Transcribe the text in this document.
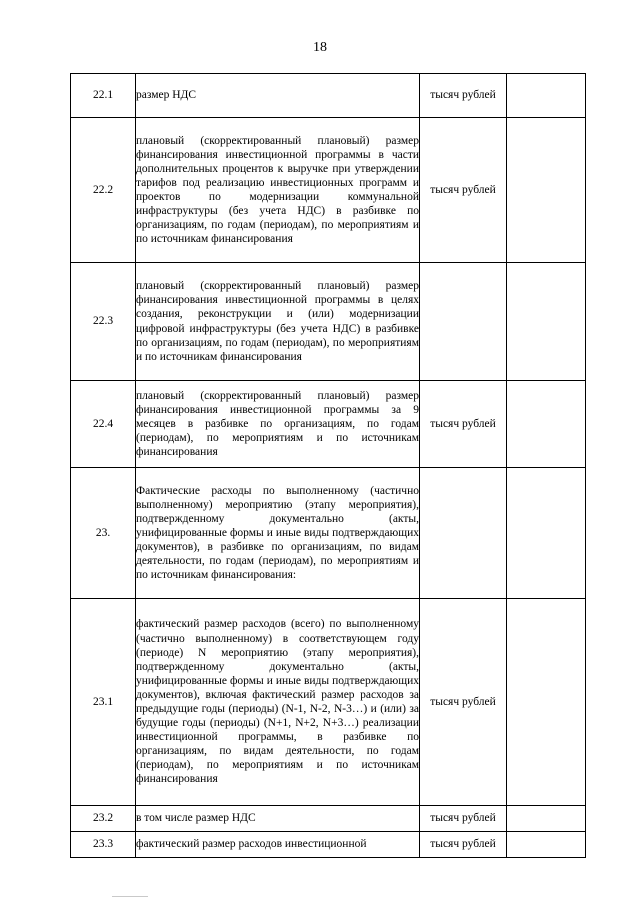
18
22.1	размер НДС	тысяч рублей	
22.2	плановый (скорректированный плановый) размер финансирования инвестиционной программы в части дополнительных процентов к выручке при утверждении тарифов под реализацию инвестиционных программ и проектов по модернизации коммунальной инфраструктуры (без учета НДС) в разбивке по организациям, по годам (периодам), по мероприятиям и по источникам финансирования	тысяч рублей	
22.3	плановый (скорректированный плановый) размер финансирования инвестиционной программы в целях создания, реконструкции и (или) модернизации цифровой инфраструктуры (без учета НДС) в разбивке по организациям, по годам (периодам), по мероприятиям и по источникам финансирования		
22.4	плановый (скорректированный плановый) размер финансирования инвестиционной программы за 9 месяцев в разбивке по организациям, по годам (периодам), по мероприятиям и по источникам финансирования	тысяч рублей	
23.	Фактические расходы по выполненному (частично выполненному) мероприятию (этапу мероприятия), подтвержденному документально (акты, унифицированные формы и иные виды подтверждающих документов), в разбивке по организациям, по видам деятельности, по годам (периодам), по мероприятиям и по источникам финансирования:		
23.1	фактический размер расходов (всего) по выполненному (частично выполненному) в соответствующем году (периоде) N мероприятию (этапу мероприятия), подтвержденному документально (акты, унифицированные формы и иные виды подтверждающих документов), включая фактический размер расходов за предыдущие годы (периоды) (N-1, N-2, N-3…) и (или) за будущие годы (периоды) (N+1, N+2, N+3…) реализации инвестиционной программы, в разбивке по организациям, по видам деятельности, по годам (периодам), по мероприятиям и по источникам финансирования	тысяч рублей	
23.2	в том числе размер НДС	тысяч рублей	
23.3	фактический размер расходов инвестиционной	тысяч рублей	
